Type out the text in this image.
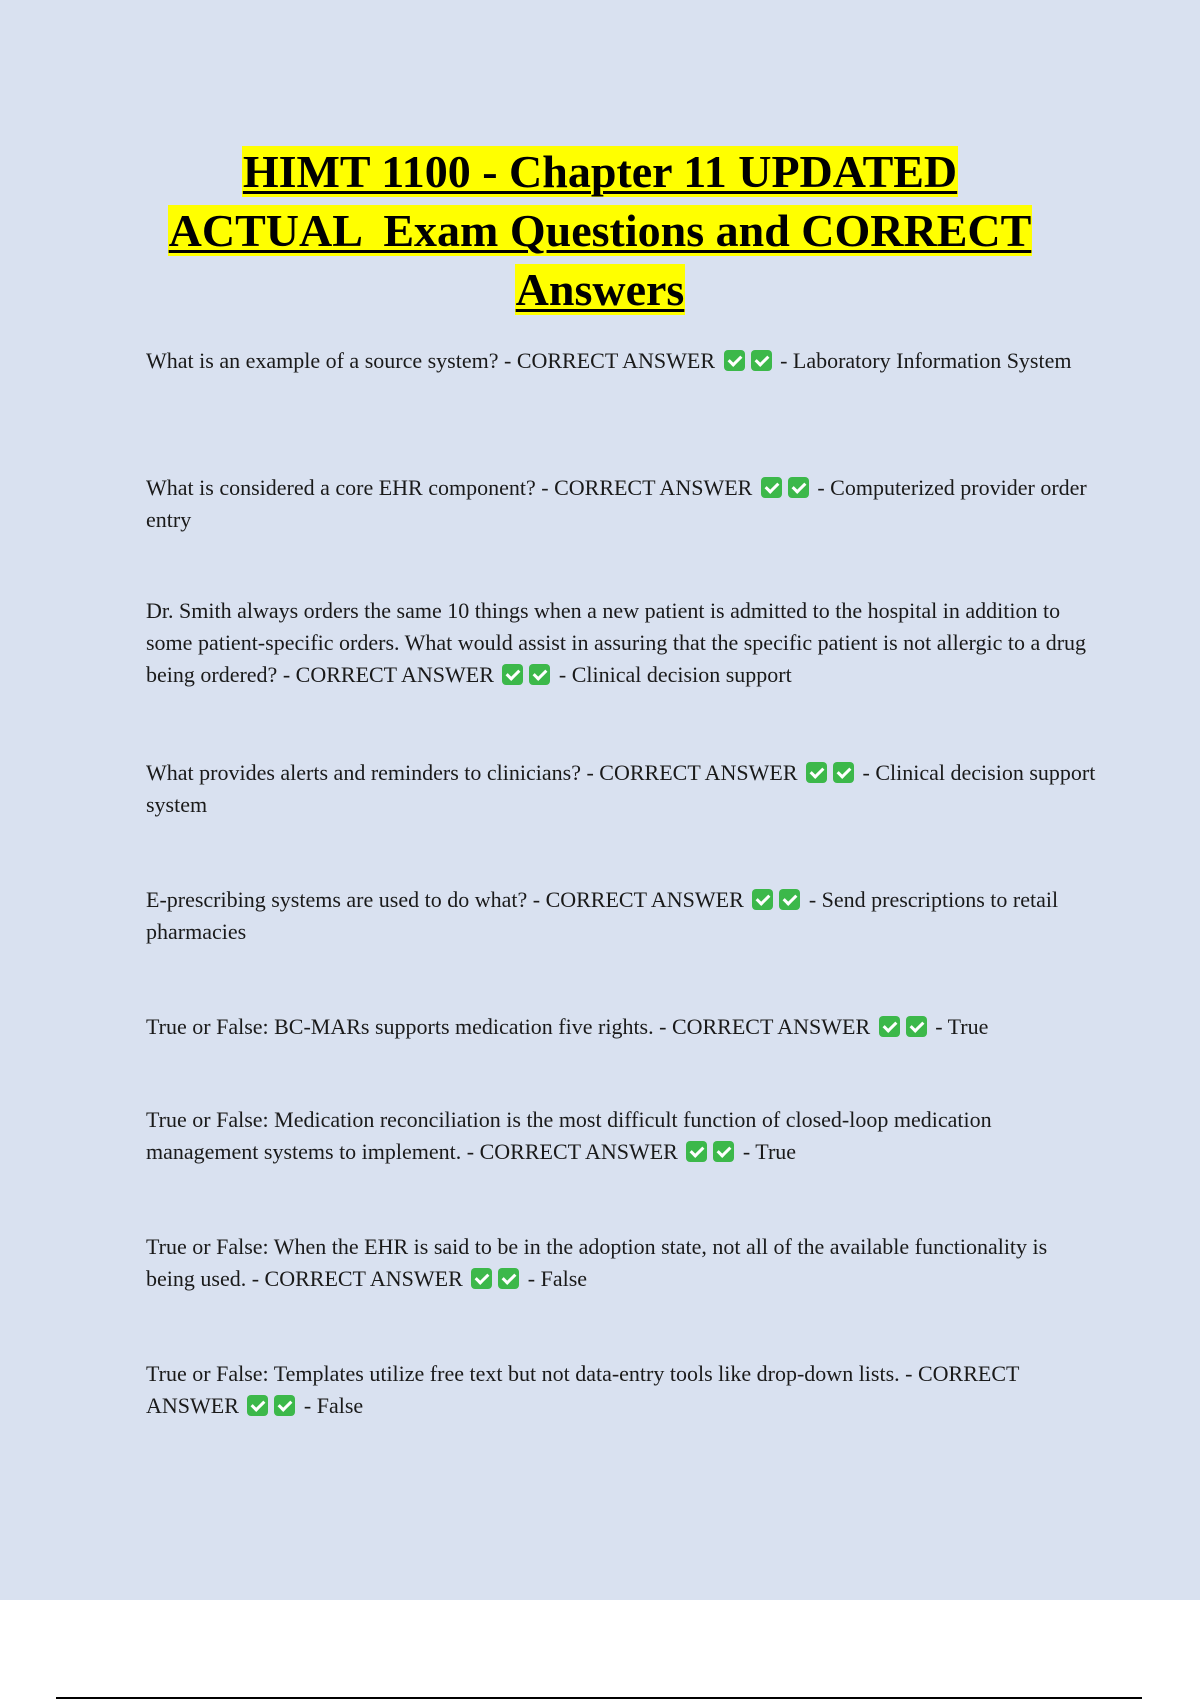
HIMT 1100 - Chapter 11 UPDATED
ACTUAL  Exam Questions and CORRECT
Answers

What is an example of a source system? - CORRECT ANSWER	- Laboratory Information System

What is considered a core EHR component? - CORRECT ANSWER	- Computerized provider order entry

Dr. Smith always orders the same 10 things when a new patient is admitted to the hospital in addition to some patient-specific orders. What would assist in assuring that the specific patient is not allergic to a drug being ordered? - CORRECT ANSWER	- Clinical decision support

What provides alerts and reminders to clinicians? - CORRECT ANSWER	- Clinical decision support system

E-prescribing systems are used to do what? - CORRECT ANSWER	- Send prescriptions to retail pharmacies

True or False: BC-MARs supports medication five rights. - CORRECT ANSWER	- True

True or False: Medication reconciliation is the most difficult function of closed-loop medication management systems to implement. - CORRECT ANSWER	- True

True or False: When the EHR is said to be in the adoption state, not all of the available functionality is being used. - CORRECT ANSWER	- False

True or False: Templates utilize free text but not data-entry tools like drop-down lists. - CORRECT ANSWER	- False
